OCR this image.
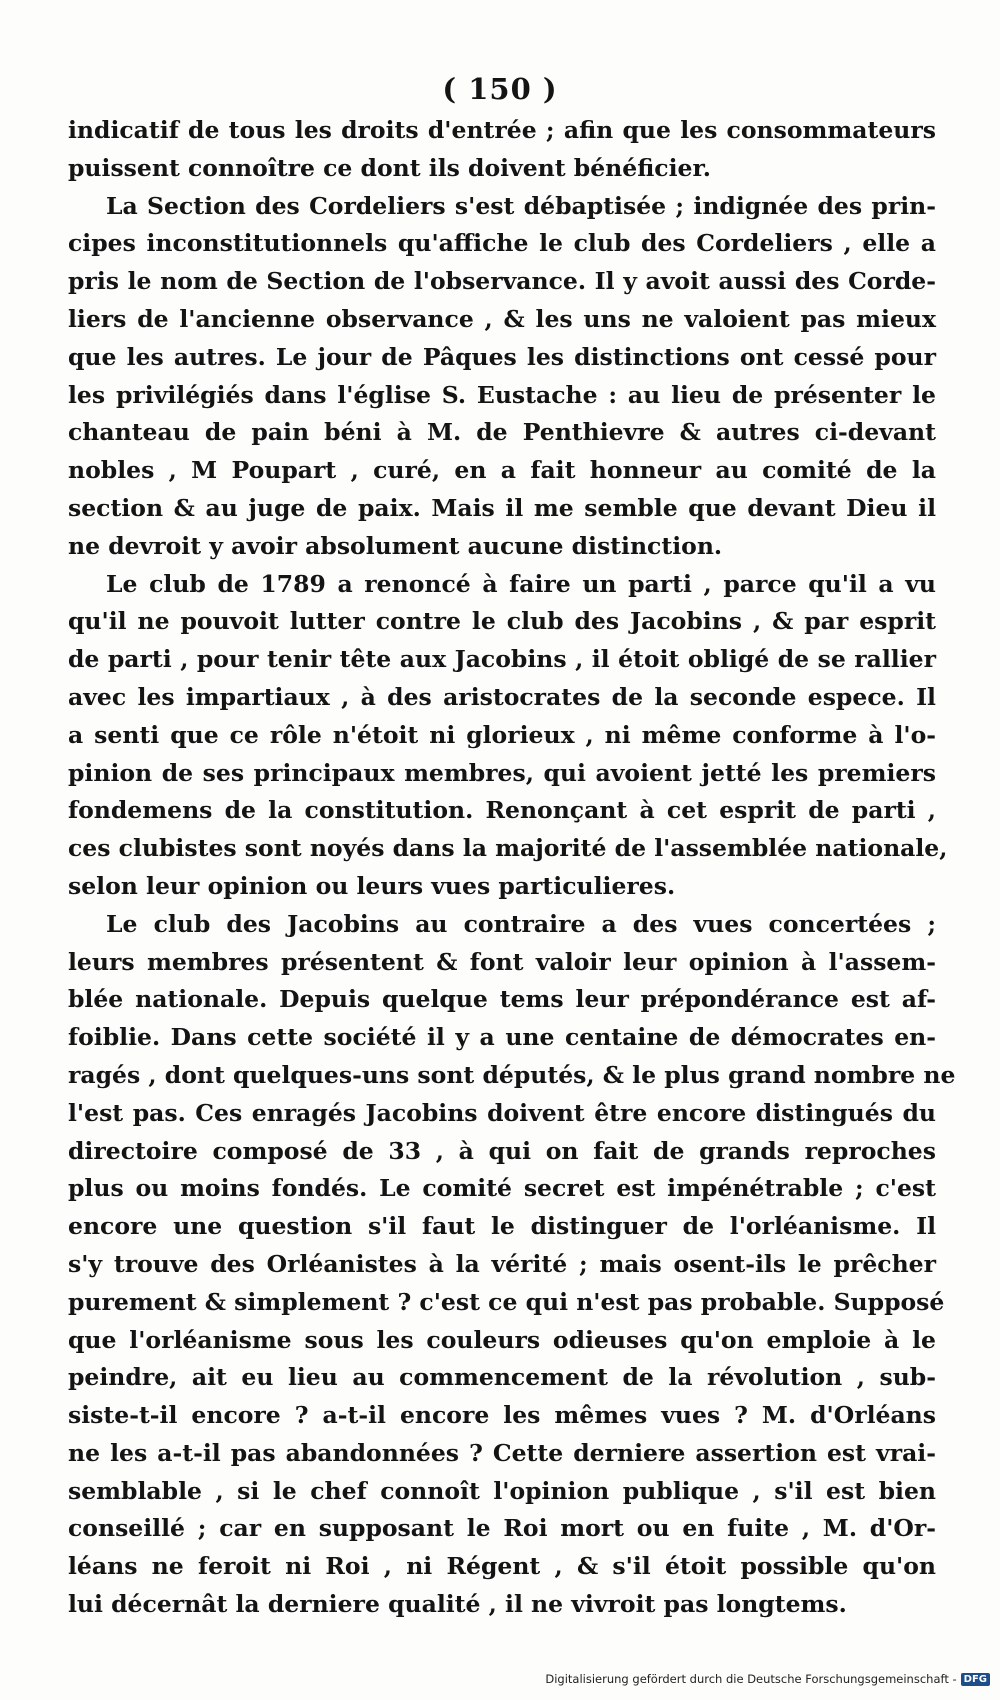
( 150 )
indicatif de tous les droits d'entrée ; afin que les consommateurs
puissent connoître ce dont ils doivent bénéficier.
La Section des Cordeliers s'est débaptisée ; indignée des prin-
cipes inconstitutionnels qu'affiche le club des Cordeliers , elle a
pris le nom de Section de l'observance. Il y avoit aussi des Corde-
liers de l'ancienne observance , & les uns ne valoient pas mieux
que les autres. Le jour de Pâques les distinctions ont cessé pour
les privilégiés dans l'église S. Eustache : au lieu de présenter le
chanteau de pain béni à M. de Penthievre & autres ci-devant
nobles , M Poupart , curé, en a fait honneur au comité de la
section & au juge de paix. Mais il me semble que devant Dieu il
ne devroit y avoir absolument aucune distinction.
Le club de 1789 a renoncé à faire un parti , parce qu'il a vu
qu'il ne pouvoit lutter contre le club des Jacobins , & par esprit
de parti , pour tenir tête aux Jacobins , il étoit obligé de se rallier
avec les impartiaux , à des aristocrates de la seconde espece. Il
a senti que ce rôle n'étoit ni glorieux , ni même conforme à l'o-
pinion de ses principaux membres, qui avoient jetté les premiers
fondemens de la constitution. Renonçant à cet esprit de parti ,
ces clubistes sont noyés dans la majorité de l'assemblée nationale,
selon leur opinion ou leurs vues particulieres.
Le club des Jacobins au contraire a des vues concertées ;
leurs membres présentent & font valoir leur opinion à l'assem-
blée nationale. Depuis quelque tems leur prépondérance est af-
foiblie. Dans cette société il y a une centaine de démocrates en-
ragés , dont quelques-uns sont députés, & le plus grand nombre ne
l'est pas. Ces enragés Jacobins doivent être encore distingués du
directoire composé de 33 , à qui on fait de grands reproches
plus ou moins fondés. Le comité secret est impénétrable ; c'est
encore une question s'il faut le distinguer de l'orléanisme. Il
s'y trouve des Orléanistes à la vérité ; mais osent-ils le prêcher
purement & simplement ? c'est ce qui n'est pas probable. Supposé
que l'orléanisme sous les couleurs odieuses qu'on emploie à le
peindre, ait eu lieu au commencement de la révolution , sub-
siste-t-il encore ? a-t-il encore les mêmes vues ? M. d'Orléans
ne les a-t-il pas abandonnées ? Cette derniere assertion est vrai-
semblable , si le chef connoît l'opinion publique , s'il est bien
conseillé ; car en supposant le Roi mort ou en fuite , M. d'Or-
léans ne feroit ni Roi , ni Régent , & s'il étoit possible qu'on
lui décernât la derniere qualité , il ne vivroit pas longtems.
Digitalisierung gefördert durch die Deutsche Forschungsgemeinschaft - DFG
